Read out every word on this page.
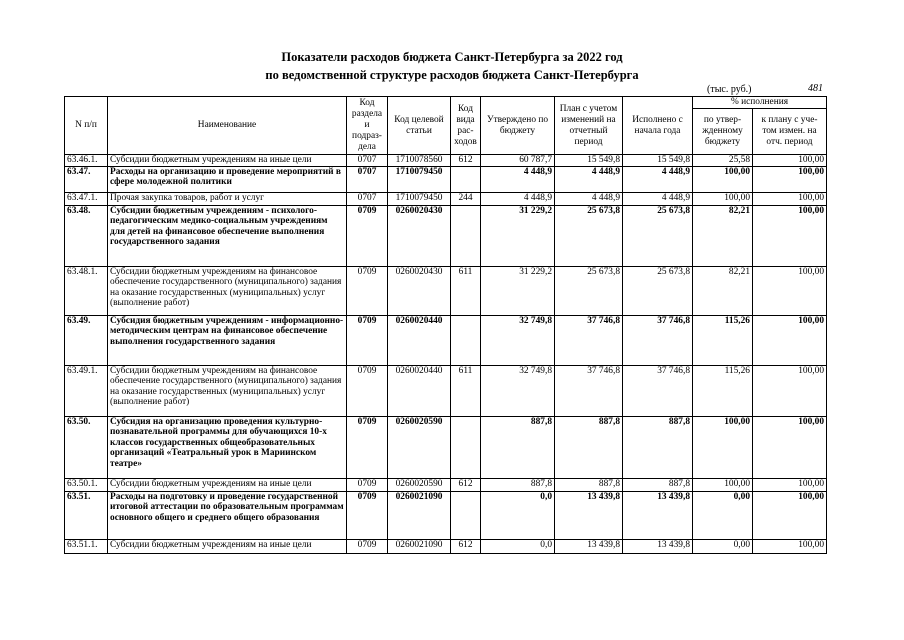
Показатели расходов бюджета Санкт-Петербурга за 2022 год
по ведомственной структуре расходов бюджета Санкт-Петербурга
(тыс. руб.)	481
N п/п	Наименование	Код раздела и подраз-дела	Код целевой статьи	Код вида рас-ходов	Утверждено по бюджету	План с учетом изменений на отчетный период	Исполнено с начала года	% исполнения	
								по утвер-жденному бюджету	к плану с уче-том измен. на отч. период
63.46.1.	Субсидии бюджетным учреждениям на иные цели	0707	1710078560	612	60 787,7	15 549,8	15 549,8	25,58	100,00
63.47.	Расходы на организацию и проведение мероприятий в сфере молодежной политики	0707	1710079450		4 448,9	4 448,9	4 448,9	100,00	100,00
63.47.1.	Прочая закупка товаров, работ и услуг	0707	1710079450	244	4 448,9	4 448,9	4 448,9	100,00	100,00
63.48.	Субсидии бюджетным учреждениям - психолого-педагогическим медико-социальным учреждениям для детей на финансовое обеспечение выполнения государственного задания	0709	0260020430		31 229,2	25 673,8	25 673,8	82,21	100,00
63.48.1.	Субсидии бюджетным учреждениям на финансовое обеспечение государственного (муниципального) задания на оказание государственных (муниципальных) услуг (выполнение работ)	0709	0260020430	611	31 229,2	25 673,8	25 673,8	82,21	100,00
63.49.	Субсидия бюджетным учреждениям - информационно-методическим центрам на финансовое обеспечение выполнения государственного задания	0709	0260020440		32 749,8	37 746,8	37 746,8	115,26	100,00
63.49.1.	Субсидии бюджетным учреждениям на финансовое обеспечение государственного (муниципального) задания на оказание государственных (муниципальных) услуг (выполнение работ)	0709	0260020440	611	32 749,8	37 746,8	37 746,8	115,26	100,00
63.50.	Субсидия на организацию проведения культурно-познавательной программы для обучающихся 10-х классов государственных общеобразовательных организаций «Театральный урок в Мариинском театре»	0709	0260020590		887,8	887,8	887,8	100,00	100,00
63.50.1.	Субсидии бюджетным учреждениям на иные цели	0709	0260020590	612	887,8	887,8	887,8	100,00	100,00
63.51.	Расходы на подготовку и проведение государственной итоговой аттестации по образовательным программам основного общего и среднего общего образования	0709	0260021090		0,0	13 439,8	13 439,8	0,00	100,00
63.51.1.	Субсидии бюджетным учреждениям на иные цели	0709	0260021090	612	0,0	13 439,8	13 439,8	0,00	100,00
